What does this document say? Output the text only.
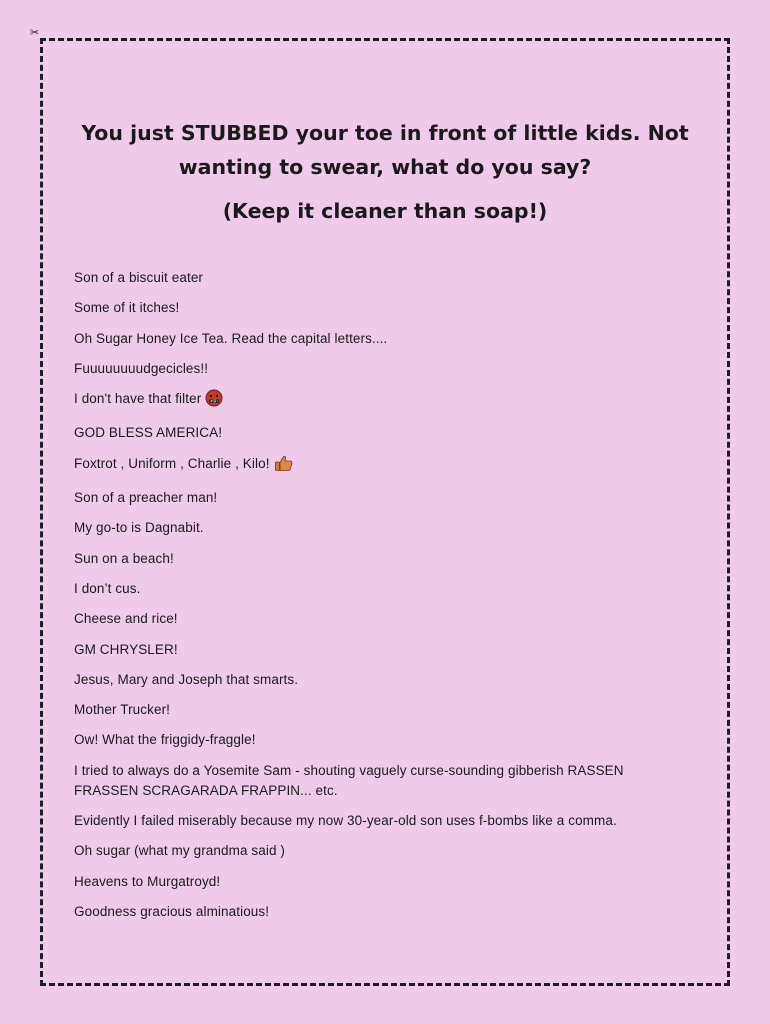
✂
You just STUBBED your toe in front of little kids. Not wanting to swear, what do you say?
(Keep it cleaner than soap!)
Son of a biscuit eater
Some of it itches!
Oh Sugar Honey Ice Tea. Read the capital letters....
Fuuuuuuuudgecicles!!
I don't have that filter	#@!
GOD BLESS AMERICA!
Foxtrot , Uniform , Charlie , Kilo!
Son of a preacher man!
My go-to is Dagnabit.
Sun on a beach!
I don’t cus.
Cheese and rice!
GM CHRYSLER!
Jesus, Mary and Joseph that smarts.
Mother Trucker!
Ow! What the friggidy-fraggle!
I tried to always do a Yosemite Sam - shouting vaguely curse-sounding gibberish RASSEN FRASSEN SCRAGARADA FRAPPIN... etc.
Evidently I failed miserably because my now 30-year-old son uses f-bombs like a comma.
Oh sugar (what my grandma said )
Heavens to Murgatroyd!
Goodness gracious alminatious!
